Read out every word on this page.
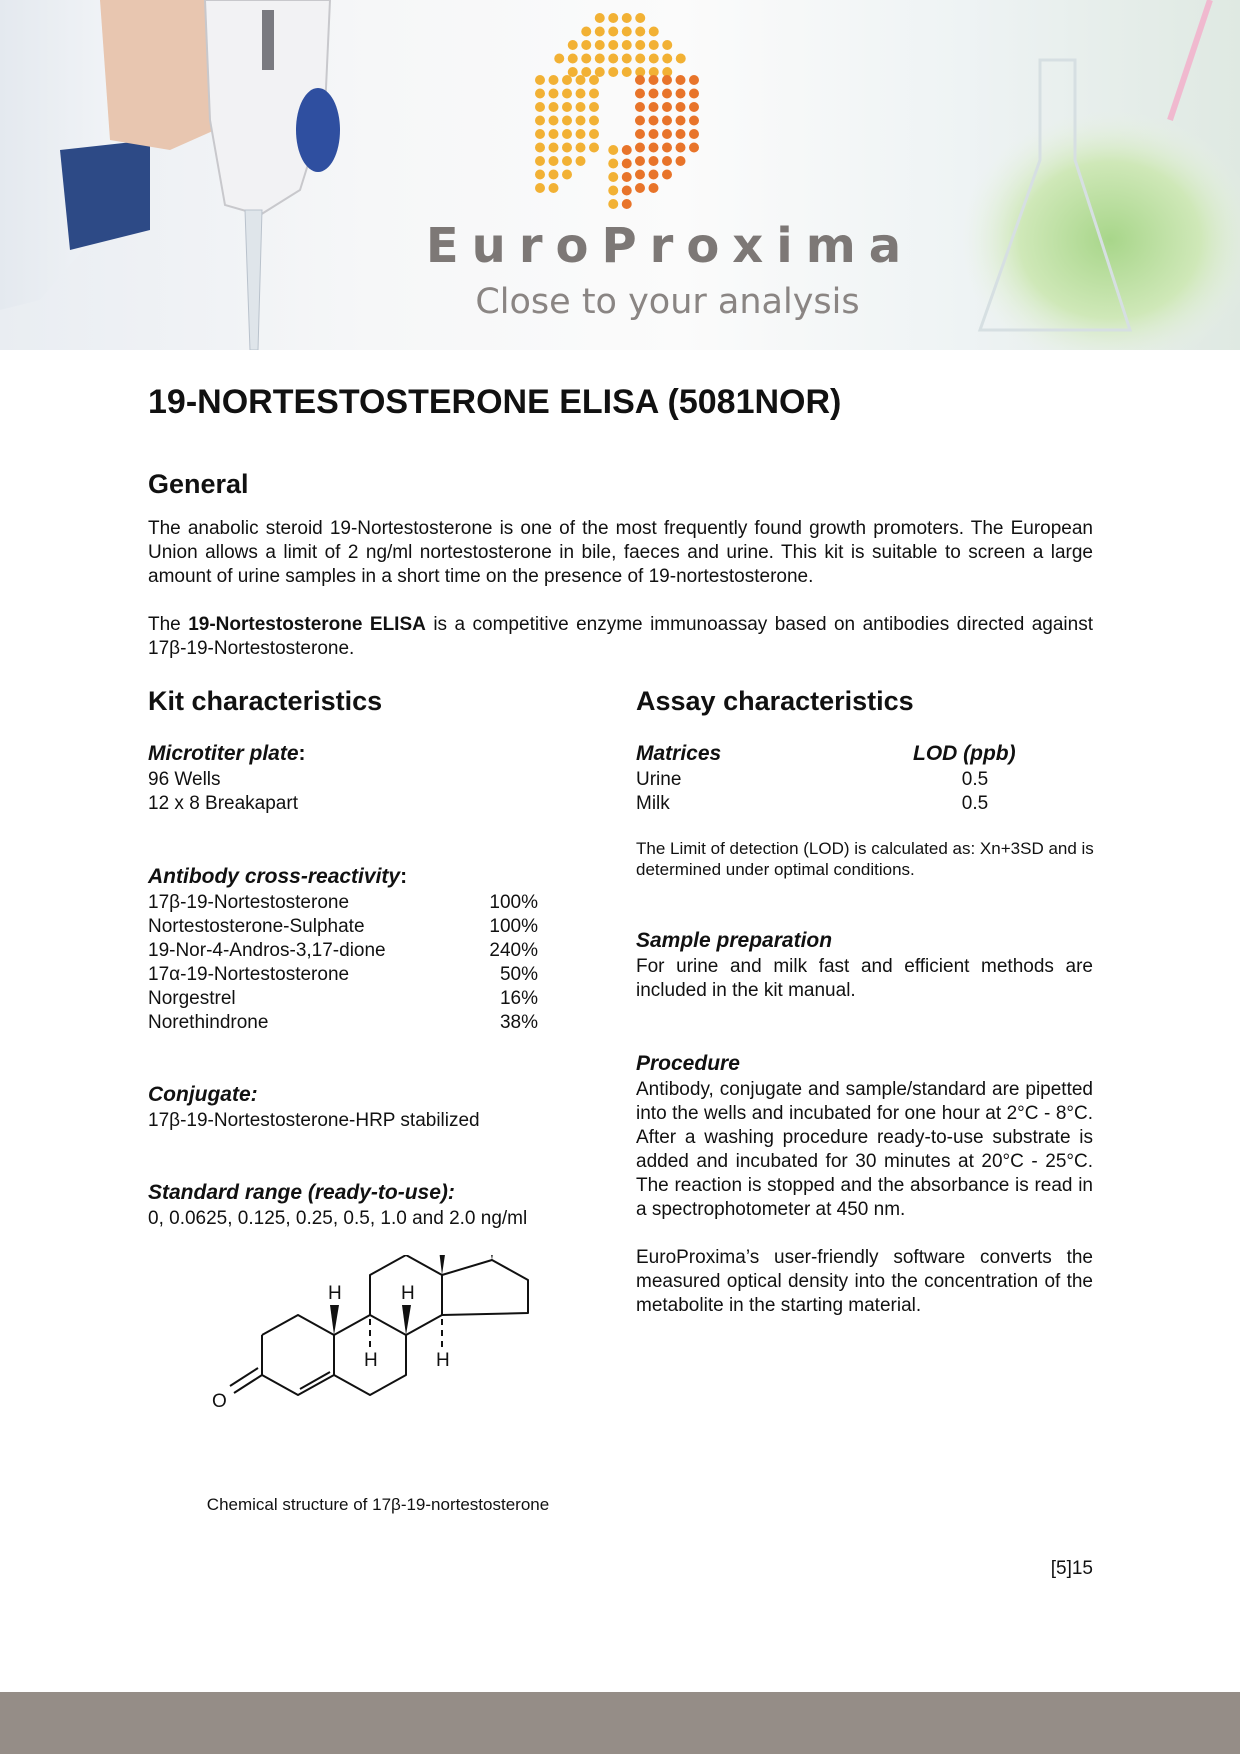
EuroProxima
Close to your analysis
19-NORTESTOSTERONE ELISA (5081NOR)
General

The anabolic steroid 19-Nortestosterone is one of the most frequently found growth promoters. The European Union allows a limit of 2 ng/ml nortestosterone in bile, faeces and urine. This kit is suitable to screen a large amount of urine samples in a short time on the presence of 19-nortestosterone.

The 19-Nortestosterone ELISA is a competitive enzyme immunoassay based on antibodies directed against 17β-19-Nortestosterone.

Kit characteristics

Microtiter plate:

96 Wells

12 x 8 Breakapart

Antibody cross-reactivity:

17β-19-Nortestosterone	100%
Nortestosterone-Sulphate	100%
19-Nor-4-Andros-3,17-dione	240%
17α-19-Nortestosterone	50%
Norgestrel	16%
Norethindrone	38%

Conjugate:

17β-19-Nortestosterone-HRP stabilized

Standard range (ready-to-use):

0, 0.0625, 0.125, 0.25, 0.5, 1.0 and 2.0 ng/ml

H	H
H	H
O
Chemical structure of 17β-19-nortestosterone
Assay characteristics

Matrices	LOD (ppb)

Urine	0.5
Milk	0.5

The Limit of detection (LOD) is calculated as: Xn+3SD and is determined under optimal conditions.

Sample preparation

For urine and milk fast and efficient methods are included in the kit manual.

Procedure

Antibody, conjugate and sample/standard are pipetted into the wells and incubated for one hour at 2°C - 8°C. After a washing procedure ready-to-use substrate is added and incubated for 30 minutes at 20°C - 25°C. The reaction is stopped and the absorbance is read in a spectrophotometer at 450 nm.

EuroProxima’s user-friendly software converts the measured optical density into the concentration of the metabolite in the starting material.

[5]15
